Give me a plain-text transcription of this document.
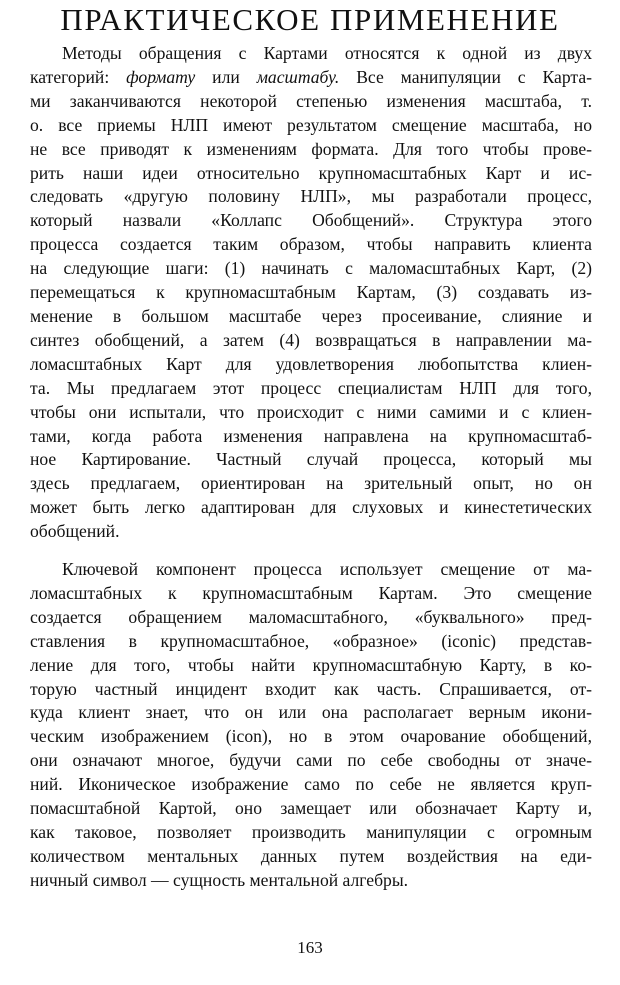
ПРАКТИЧЕСКОЕ ПРИМЕНЕНИЕ

Методы обращения с Картами относятся к одной из двух
категорий: формату или масштабу. Все манипуляции с Карта-
ми заканчиваются некоторой степенью изменения масштаба, т.
о. все приемы НЛП имеют результатом смещение масштаба, но
не все приводят к изменениям формата. Для того чтобы прове-
рить наши идеи относительно крупномасштабных Карт и ис-
следовать «другую половину НЛП», мы разработали процесс,
который назвали «Коллапс Обобщений». Структура этого
процесса создается таким образом, чтобы направить клиента
на следующие шаги: (1) начинать с маломасштабных Карт, (2)
перемещаться к крупномасштабным Картам, (3) создавать из-
менение в большом масштабе через просеивание, слияние и
синтез обобщений, а затем (4) возвращаться в направлении ма-
ломасштабных Карт для удовлетворения любопытства клиен-
та. Мы предлагаем этот процесс специалистам НЛП для того,
чтобы они испытали, что происходит с ними самими и с клиен-
тами, когда работа изменения направлена на крупномасштаб-
ное Картирование. Частный случай процесса, который мы
здесь предлагаем, ориентирован на зрительный опыт, но он
может быть легко адаптирован для слуховых и кинестетических
обобщений.

Ключевой компонент процесса использует смещение от ма-
ломасштабных к крупномасштабным Картам. Это смещение
создается обращением маломасштабного, «буквального» пред-
ставления в крупномасштабное, «образное» (iconic) представ-
ление для того, чтобы найти крупномасштабную Карту, в ко-
торую частный инцидент входит как часть. Спрашивается, от-
куда клиент знает, что он или она располагает верным икони-
ческим изображением (icon), но в этом очарование обобщений,
они означают многое, будучи сами по себе свободны от значе-
ний. Иконическое изображение само по себе не является круп-
помасштабной Картой, оно замещает или обозначает Карту и,
как таковое, позволяет производить манипуляции с огромным
количеством ментальных данных путем воздействия на еди-
ничный символ — сущность ментальной алгебры.

163
